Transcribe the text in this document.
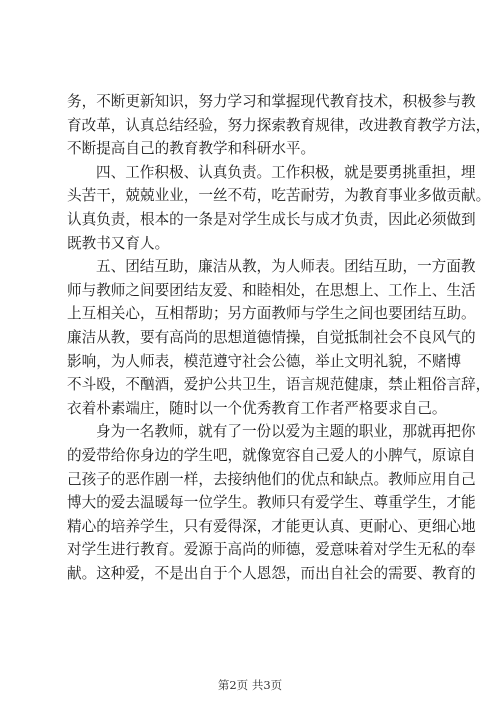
务，不断更新知识，努力学习和掌握现代教育技术，积极参与教
育改革，认真总结经验，努力探索教育规律，改进教育教学方法，
不断提高自己的教育教学和科研水平。
四、工作积极、认真负责。工作积极，就是要勇挑重担，埋
头苦干，兢兢业业，一丝不苟，吃苦耐劳，为教育事业多做贡献。
认真负责，根本的一条是对学生成长与成才负责，因此必须做到
既教书又育人。
五、团结互助，廉洁从教，为人师表。团结互助，一方面教
师与教师之间要团结友爱、和睦相处，在思想上、工作上、生活
上互相关心，互相帮助；另方面教师与学生之间也要团结互助。
廉洁从教，要有高尚的思想道德情操，自觉抵制社会不良风气的
影响，为人师表，模范遵守社会公德，举止文明礼貌，不赌博
不斗殴，不酗酒，爱护公共卫生，语言规范健康，禁止粗俗言辞，
衣着朴素端庄，随时以一个优秀教育工作者严格要求自己。
身为一名教师，就有了一份以爱为主题的职业，那就再把你
的爱带给你身边的学生吧，就像宽容自己爱人的小脾气，原谅自
己孩子的恶作剧一样，去接纳他们的优点和缺点。教师应用自己
博大的爱去温暖每一位学生。教师只有爱学生、尊重学生，才能
精心的培养学生，只有爱得深，才能更认真、更耐心、更细心地
对学生进行教育。爱源于高尚的师德，爱意味着对学生无私的奉
献。这种爱，不是出自于个人恩怨，而出自社会的需要、教育的
第2页 共3页
